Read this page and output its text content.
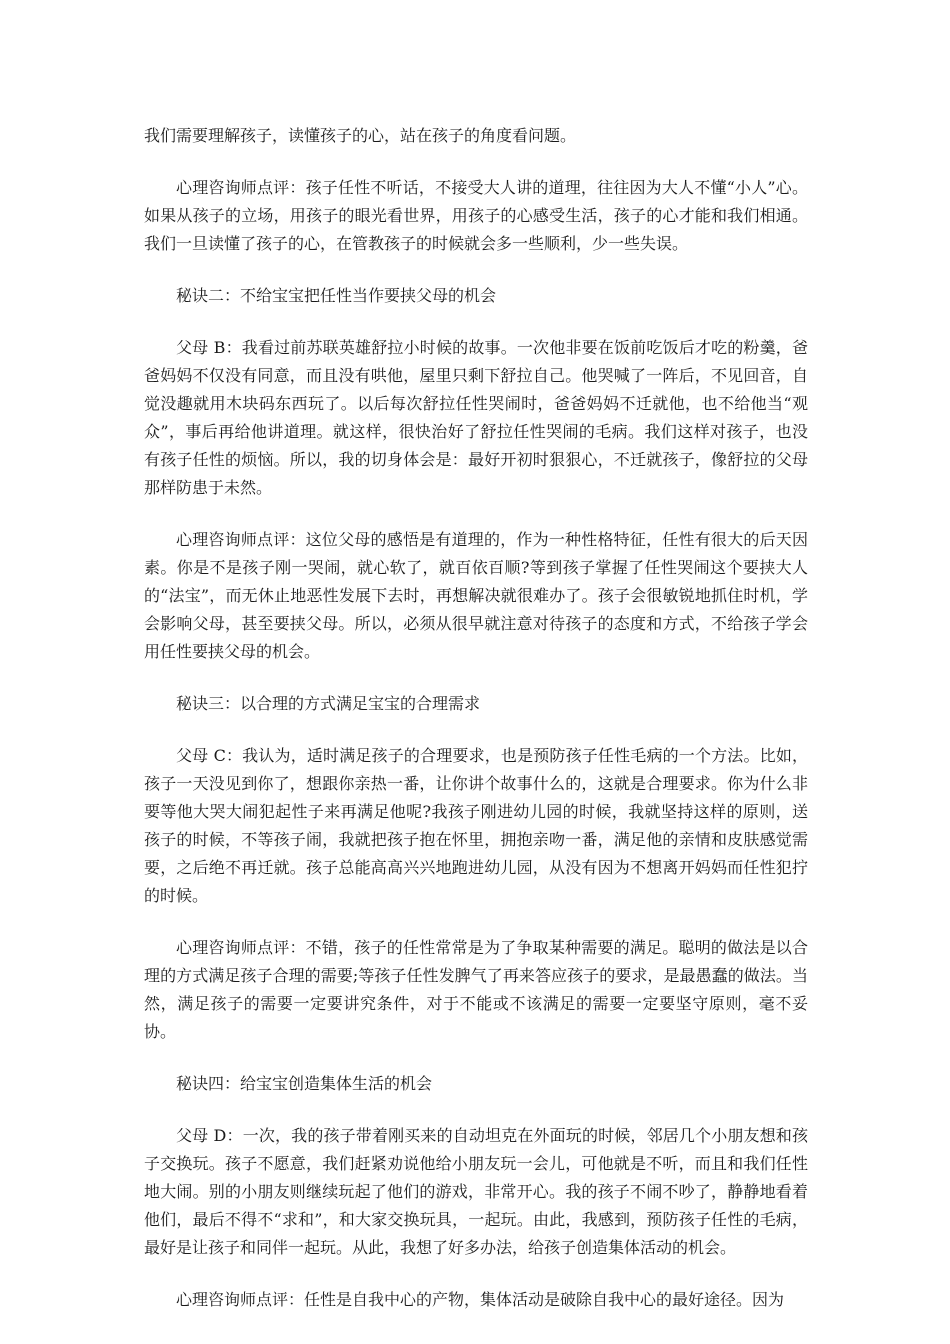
我们需要理解孩子，读懂孩子的心，站在孩子的角度看问题。

心理咨询师点评：孩子任性不听话，不接受大人讲的道理，往往因为大人不懂“小人”心。如果从孩子的立场，用孩子的眼光看世界，用孩子的心感受生活，孩子的心才能和我们相通。我们一旦读懂了孩子的心，在管教孩子的时候就会多一些顺利，少一些失误。

秘诀二：不给宝宝把任性当作要挟父母的机会

父母 B：我看过前苏联英雄舒拉小时候的故事。一次他非要在饭前吃饭后才吃的粉羹，爸爸妈妈不仅没有同意，而且没有哄他，屋里只剩下舒拉自己。他哭喊了一阵后，不见回音，自觉没趣就用木块码东西玩了。以后每次舒拉任性哭闹时，爸爸妈妈不迁就他，也不给他当“观众”，事后再给他讲道理。就这样，很快治好了舒拉任性哭闹的毛病。我们这样对孩子，也没有孩子任性的烦恼。所以，我的切身体会是：最好开初时狠狠心，不迁就孩子，像舒拉的父母那样防患于未然。

心理咨询师点评：这位父母的感悟是有道理的，作为一种性格特征，任性有很大的后天因素。你是不是孩子刚一哭闹，就心软了，就百依百顺?等到孩子掌握了任性哭闹这个要挟大人的“法宝”，而无休止地恶性发展下去时，再想解决就很难办了。孩子会很敏锐地抓住时机，学会影响父母，甚至要挟父母。所以，必须从很早就注意对待孩子的态度和方式，不给孩子学会用任性要挟父母的机会。

秘诀三：以合理的方式满足宝宝的合理需求

父母 C：我认为，适时满足孩子的合理要求，也是预防孩子任性毛病的一个方法。比如，孩子一天没见到你了，想跟你亲热一番，让你讲个故事什么的，这就是合理要求。你为什么非要等他大哭大闹犯起性子来再满足他呢?我孩子刚进幼儿园的时候，我就坚持这样的原则，送孩子的时候，不等孩子闹，我就把孩子抱在怀里，拥抱亲吻一番，满足他的亲情和皮肤感觉需要，之后绝不再迁就。孩子总能高高兴兴地跑进幼儿园，从没有因为不想离开妈妈而任性犯拧的时候。

心理咨询师点评：不错，孩子的任性常常是为了争取某种需要的满足。聪明的做法是以合理的方式满足孩子合理的需要;等孩子任性发脾气了再来答应孩子的要求，是最愚蠢的做法。当然，满足孩子的需要一定要讲究条件，对于不能或不该满足的需要一定要坚守原则，毫不妥协。

秘诀四：给宝宝创造集体生活的机会

父母 D：一次，我的孩子带着刚买来的自动坦克在外面玩的时候，邻居几个小朋友想和孩子交换玩。孩子不愿意，我们赶紧劝说他给小朋友玩一会儿，可他就是不听，而且和我们任性地大闹。别的小朋友则继续玩起了他们的游戏，非常开心。我的孩子不闹不吵了，静静地看着他们，最后不得不“求和”，和大家交换玩具，一起玩。由此，我感到，预防孩子任性的毛病，最好是让孩子和同伴一起玩。从此，我想了好多办法，给孩子创造集体活动的机会。

心理咨询师点评：任性是自我中心的产物，集体活动是破除自我中心的最好途径。因为
